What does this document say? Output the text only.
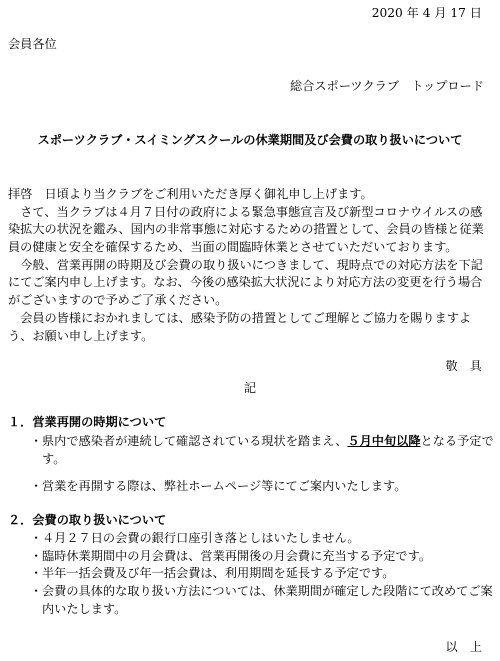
2020 年 4 月 17 日
会員各位
総合スポーツクラブ　トップロード
スポーツクラブ・スイミングスクールの休業期間及び会費の取り扱いについて

拝啓　日頃より当クラブをご利用いただき厚く御礼申し上げます。

さて、当クラブは４月７日付の政府による緊急事態宣言及び新型コロナウイルスの感染拡大の状況を鑑み、国内の非常事態に対応するための措置として、会員の皆様と従業員の健康と安全を確保するため、当面の間臨時休業とさせていただいております。

今般、営業再開の時期及び会費の取り扱いにつきまして、現時点での対応方法を下記にてご案内申し上げます。なお、今後の感染拡大状況により対応方法の変更を行う場合がございますので予めご了承ください。

会員の皆様におかれましては、感染予防の措置としてご理解とご協力を賜りますよう、お願い申し上げます。

敬　具
記
１．営業再開の時期について
・ 県内で感染者が連続して確認されている現状を踏まえ、５月中旬以降となる予定です。
・ 営業を再開する際は、弊社ホームページ等にてご案内いたします。
２．会費の取り扱いについて
・ ４月２７日の会費の銀行口座引き落としはいたしません。
・ 臨時休業期間中の月会費は、営業再開後の月会費に充当する予定です。
・ 半年一括会費及び年一括会費は、利用期間を延長する予定です。
・ 会費の具体的な取り扱い方法については、休業期間が確定した段階にて改めてご案内いたします。
以　上
